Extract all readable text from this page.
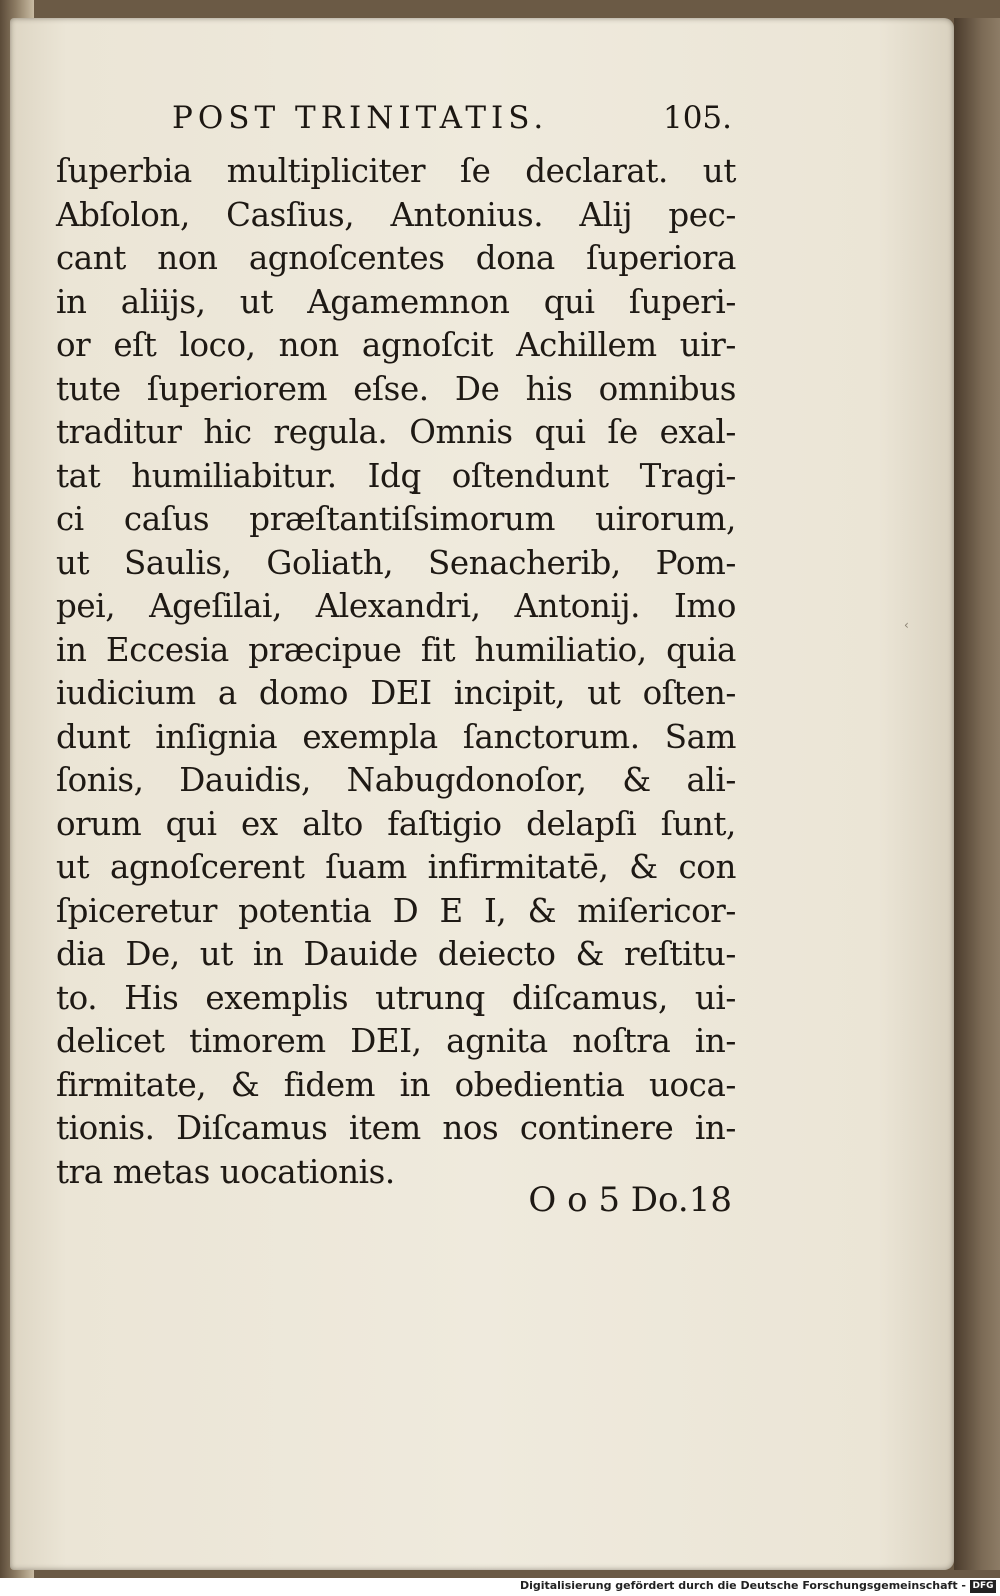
POST TRINITATIS.	105.
ſuperbia multipliciter ſe declarat. ut
Abſolon, Casſius, Antonius. Alij pec-
cant non agnoſcentes dona ſuperiora
in aliijs, ut Agamemnon qui ſuperi-
or eſt loco, non agnoſcit Achillem uir-
tute ſuperiorem eſse. De his omnibus
traditur hic regula. Omnis qui ſe exal-
tat humiliabitur. Idq̧ oſtendunt Tragi-
ci caſus præſtantiſsimorum uirorum,
ut Saulis, Goliath, Senacherib, Pom-
pei, Ageſilai, Alexandri, Antonij. Imo
in Eccesia præcipue fit humiliatio, quia
iudicium a domo DEI incipit, ut oſten-
dunt inſignia exempla ſanctorum. Sam
ſonis, Dauidis, Nabugdonoſor, & ali-
orum qui ex alto faſtigio delapſi ſunt,
ut agnoſcerent ſuam infirmitatē, & con
ſpiceretur potentia D E I, & miſericor-
dia De, ut in Dauide deiecto & reſtitu-
to. His exemplis utrunq̧ diſcamus, ui-
delicet timorem DEI, agnita noſtra in-
firmitate, & fidem in obedientia uoca-
tionis. Diſcamus item nos continere in-
tra metas uocationis.
O o 5 Do.18
‹
Digitalisierung gefördert durch die Deutsche Forschungsgemeinschaft - DFG
